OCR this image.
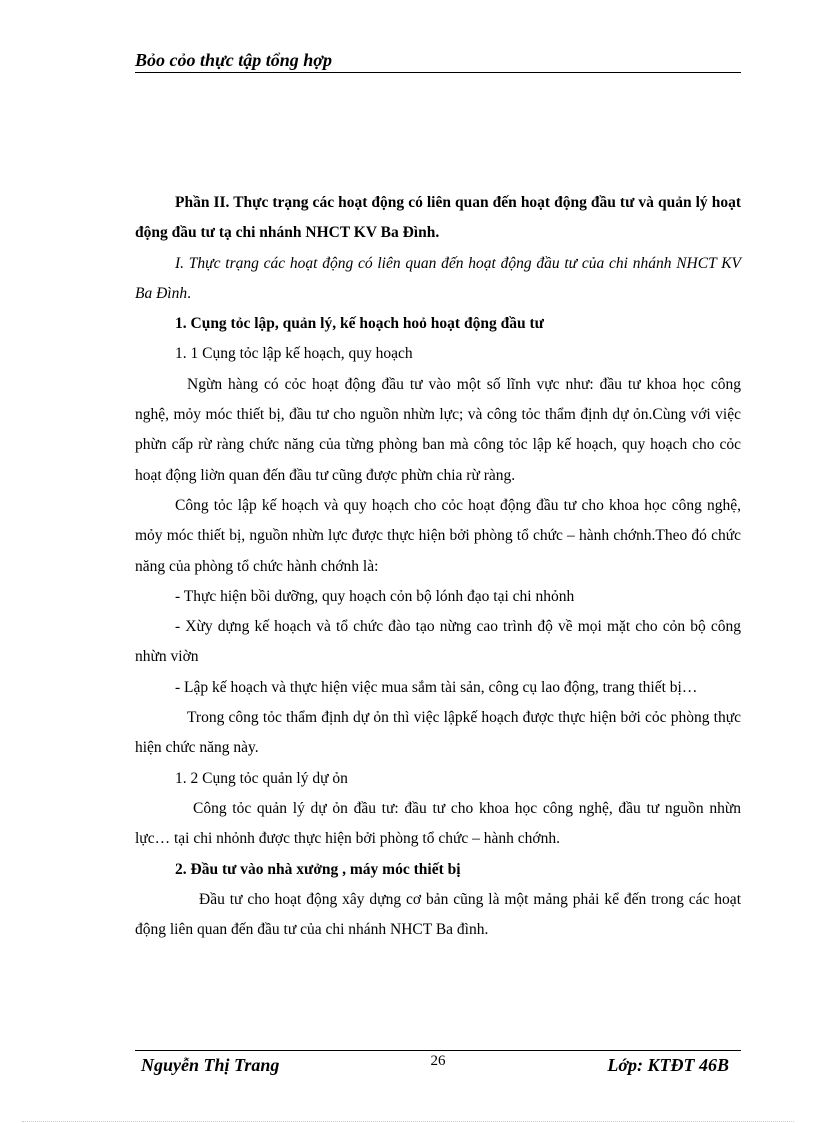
Bỏo cỏo thực tập tổng hợp

Phần II. Thực trạng các hoạt động có liên quan đến hoạt động đầu tư và quản lý hoạt động đầu tư tạ chi nhánh NHCT KV Ba Đình.

I. Thực trạng các hoạt động có liên quan đến hoạt động đầu tư của chi nhánh NHCT KV Ba Đình.

1. Cụng tỏc lập, quản lý, kế hoạch hoỏ hoạt động đầu tư

1. 1 Cụng tỏc lập kế hoạch, quy hoạch

Ngừn hàng có cỏc hoạt động đầu tư vào một số lĩnh vực như: đầu tư khoa học công nghệ, mỏy móc thiết bị, đầu tư cho nguồn nhừn lực; và công tỏc thẩm định dự ỏn.Cùng với việc phừn cấp rừ ràng chức năng của từng phòng ban mà công tỏc lập kế hoạch, quy hoạch cho cỏc hoạt động liờn quan đến đầu tư cũng được phừn chia rừ ràng.

Công tỏc lập kế hoạch và quy hoạch cho cỏc hoạt động đầu tư cho khoa học công nghệ, mỏy móc thiết bị, nguồn nhừn lực được thực hiện bởi phòng tổ chức – hành chớnh.Theo đó chức năng của phòng tổ chức hành chớnh là:

- Thực hiện bồi dưỡng, quy hoạch cỏn bộ lónh đạo tại chi nhỏnh

- Xừy dựng kế hoạch và tổ chức đào tạo nừng cao trình độ về mọi mặt cho cỏn bộ công nhừn viờn

- Lập kế hoạch và thực hiện việc mua sắm tài sản, công cụ lao động, trang thiết bị…

Trong công tỏc thẩm định dự ỏn thì việc lậpkế hoạch được thực hiện bởi cỏc phòng thực hiện chức năng này.

1. 2 Cụng tỏc quản lý dự ỏn

Công tỏc quản lý dự ỏn đầu tư: đầu tư cho khoa học công nghệ, đầu tư nguồn nhừn lực… tại chi nhỏnh được thực hiện bởi phòng tổ chức – hành chớnh.

2. Đầu tư vào nhà xưởng , máy móc thiết bị

Đầu tư cho hoạt động xây dựng cơ bản cũng là một mảng phải kể đến trong các hoạt động liên quan đến đầu tư của chi nhánh NHCT Ba đình.

Nguyễn Thị Trang	26	Lớp: KTĐT 46B
